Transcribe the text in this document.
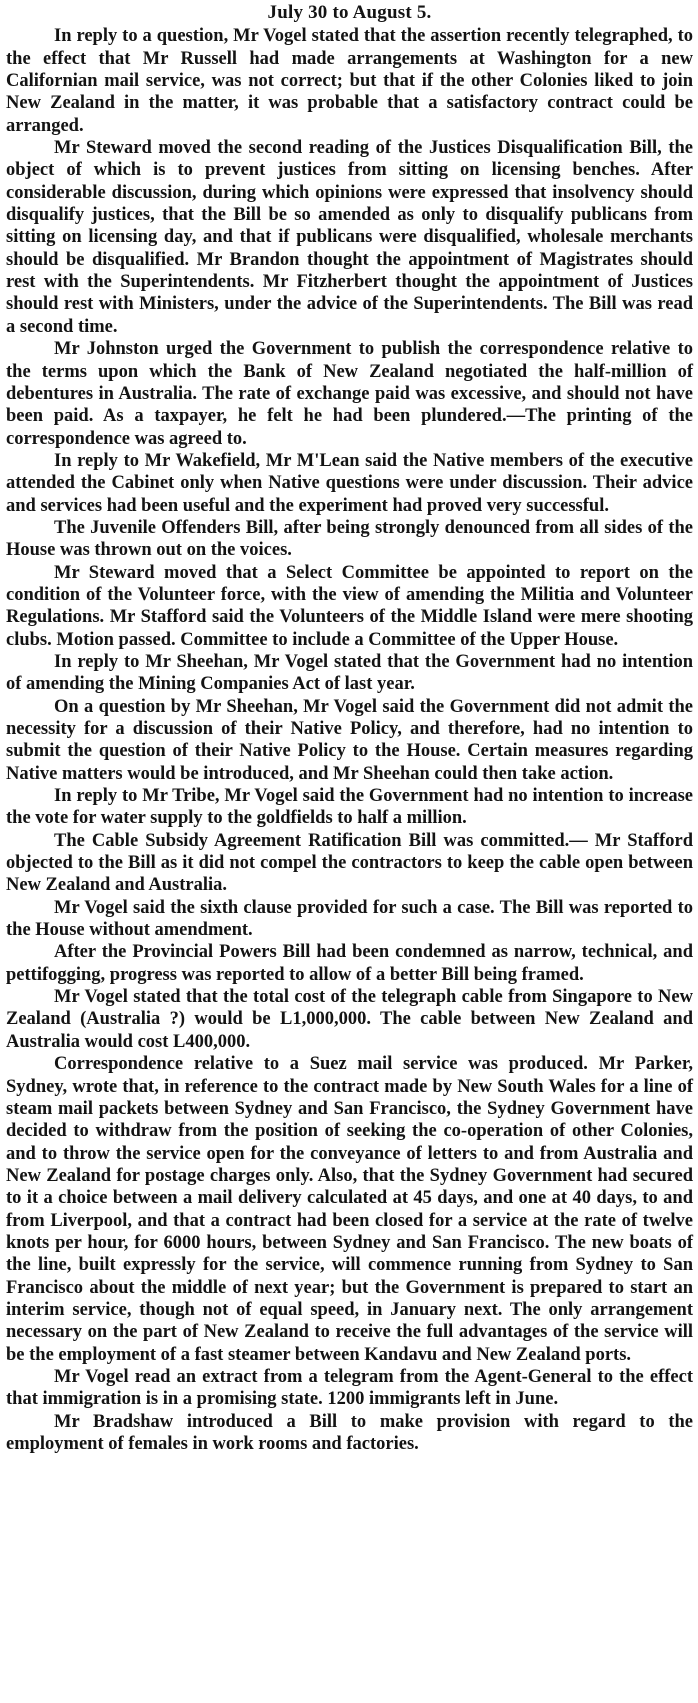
July 30 to August 5.

In reply to a question, Mr Vogel stated that the assertion recently telegraphed, to the effect that Mr Russell had made arrangements at Washington for a new Californian mail service, was not correct; but that if the other Colonies liked to join New Zealand in the matter, it was probable that a satisfactory contract could be arranged.

Mr Steward moved the second reading of the Justices Disqualification Bill, the object of which is to prevent justices from sitting on licensing benches. After considerable discussion, during which opinions were expressed that insolvency should disqualify justices, that the Bill be so amended as only to disqualify publicans from sitting on licensing day, and that if publicans were disqualified, wholesale merchants should be disqualified. Mr Brandon thought the appointment of Magistrates should rest with the Superintendents. Mr Fitzherbert thought the appointment of Justices should rest with Ministers, under the advice of the Superintendents. The Bill was read a second time.

Mr Johnston urged the Government to publish the correspondence relative to the terms upon which the Bank of New Zealand negotiated the half-million of debentures in Australia. The rate of exchange paid was excessive, and should not have been paid. As a taxpayer, he felt he had been plundered.—The printing of the correspondence was agreed to.

In reply to Mr Wakefield, Mr M'Lean said the Native members of the executive attended the Cabinet only when Native questions were under discussion. Their advice and services had been useful and the experiment had proved very successful.

The Juvenile Offenders Bill, after being strongly denounced from all sides of the House was thrown out on the voices.

Mr Steward moved that a Select Committee be appointed to report on the condition of the Volunteer force, with the view of amending the Militia and Volunteer Regulations. Mr Stafford said the Volunteers of the Middle Island were mere shooting clubs. Motion passed. Committee to include a Committee of the Upper House.

In reply to Mr Sheehan, Mr Vogel stated that the Government had no intention of amending the Mining Companies Act of last year.

On a question by Mr Sheehan, Mr Vogel said the Government did not admit the necessity for a discussion of their Native Policy, and therefore, had no intention to submit the question of their Native Policy to the House. Certain measures regarding Native matters would be introduced, and Mr Sheehan could then take action.

In reply to Mr Tribe, Mr Vogel said the Government had no intention to increase the vote for water supply to the goldfields to half a million.

The Cable Subsidy Agreement Ratification Bill was committed.— Mr Stafford objected to the Bill as it did not compel the contractors to keep the cable open between New Zealand and Australia.

Mr Vogel said the sixth clause provided for such a case. The Bill was reported to the House without amendment.

After the Provincial Powers Bill had been condemned as narrow, technical, and pettifogging, progress was reported to allow of a better Bill being framed.

Mr Vogel stated that the total cost of the telegraph cable from Singapore to New Zealand (Australia ?) would be L1,000,000. The cable between New Zealand and Australia would cost L400,000.

Correspondence relative to a Suez mail service was produced. Mr Parker, Sydney, wrote that, in reference to the contract made by New South Wales for a line of steam mail packets between Sydney and San Francisco, the Sydney Government have decided to withdraw from the position of seeking the co-operation of other Colonies, and to throw the service open for the conveyance of letters to and from Australia and New Zealand for postage charges only. Also, that the Sydney Government had secured to it a choice between a mail delivery calculated at 45 days, and one at 40 days, to and from Liverpool, and that a contract had been closed for a service at the rate of twelve knots per hour, for 6000 hours, between Sydney and San Francisco. The new boats of the line, built expressly for the service, will commence running from Sydney to San Francisco about the middle of next year; but the Government is prepared to start an interim service, though not of equal speed, in January next. The only arrangement necessary on the part of New Zealand to receive the full advantages of the service will be the employment of a fast steamer between Kandavu and New Zealand ports.

Mr Vogel read an extract from a telegram from the Agent-General to the effect that immigration is in a promising state. 1200 immigrants left in June.

Mr Bradshaw introduced a Bill to make provision with regard to the employment of females in work rooms and factories.
